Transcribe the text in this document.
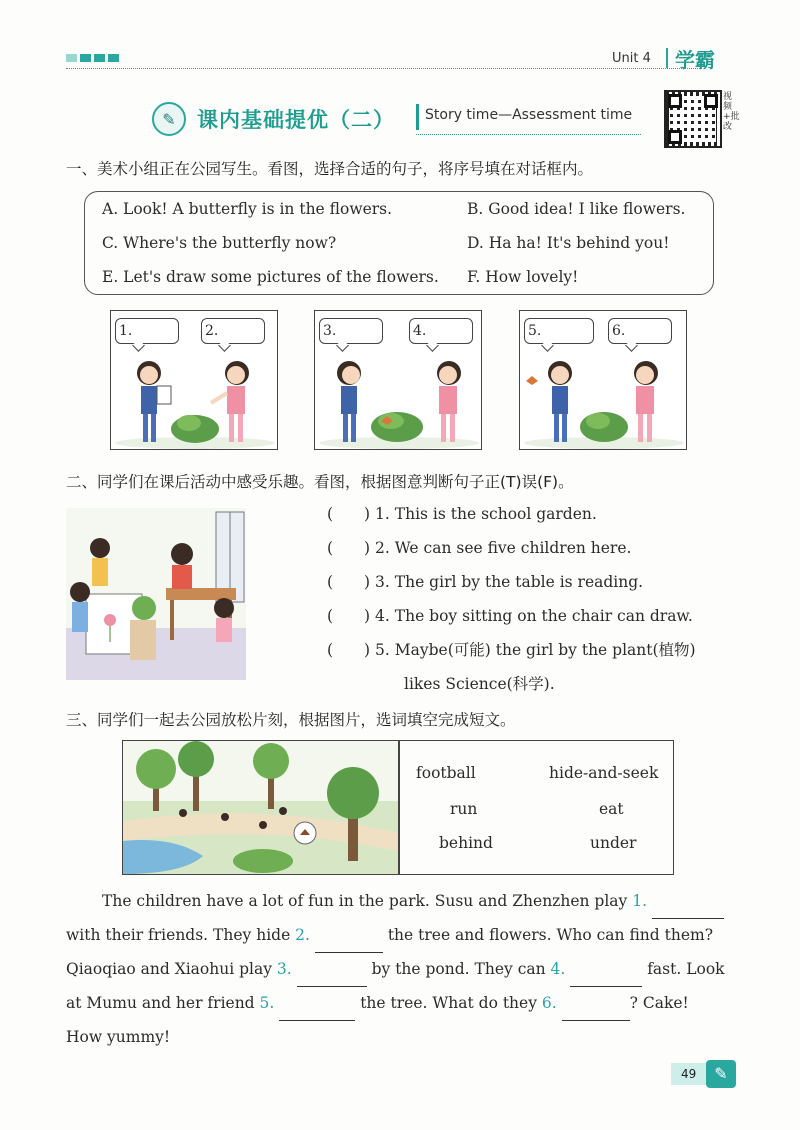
Unit 4 学霸
✎	课内基础提优（二） Story time—Assessment time
视频+批改
一、美术小组正在公园写生。看图，选择合适的句子，将序号填在对话框内。
A. Look! A butterfly is in the flowers.	B. Good idea! I like flowers.
C. Where's the butterfly now?	D. Ha ha! It's behind you!
E. Let's draw some pictures of the flowers. F. How lovely!
1.	2.	3.	4.	5.	6.
二、同学们在课后活动中感受乐趣。看图，根据图意判断句子正(T)误(F)。
(　　) 1. This is the school garden.
(　　) 2. We can see five children here.
(　　) 3. The girl by the table is reading.
(　　) 4. The boy sitting on the chair can draw.
(　　) 5. Maybe(可能) the girl by the plant(植物)
likes Science(科学).
三、同学们一起去公园放松片刻，根据图片，选词填空完成短文。
football	hide-and-seek
run	eat
behind	under
The children have a lot of fun in the park. Susu and Zhenzhen play 1.
with their friends. They hide 2.	the tree and flowers. Who can find them?
Qiaoqiao and Xiaohui play 3.	by the pond. They can 4.	fast. Look
at Mumu and her friend 5.	the tree. What do they 6.	? Cake!
How yummy!
49	✎
